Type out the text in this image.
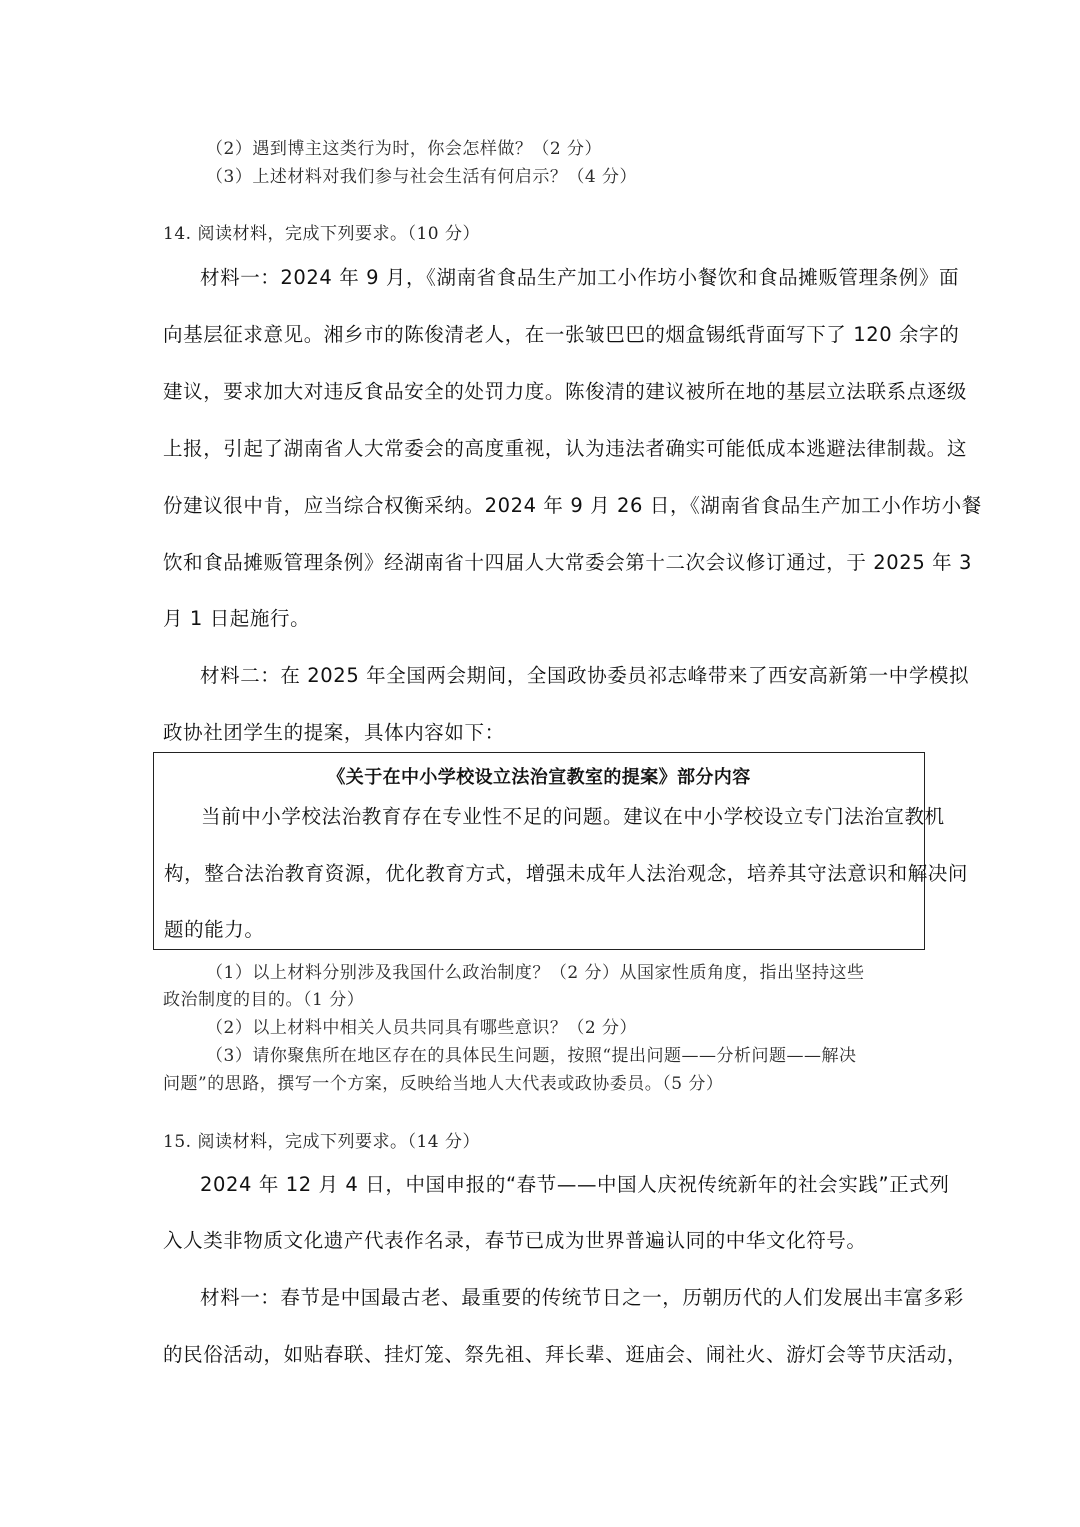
（2）遇到博主这类行为时，你会怎样做？（2 分）

（3）上述材料对我们参与社会生活有何启示？（4 分）

14. 阅读材料，完成下列要求。（10 分）

材料一：2024 年 9 月，《湖南省食品生产加工小作坊小餐饮和食品摊贩管理条例》面

向基层征求意见。湘乡市的陈俊清老人，在一张皱巴巴的烟盒锡纸背面写下了 120 余字的

建议，要求加大对违反食品安全的处罚力度。陈俊清的建议被所在地的基层立法联系点逐级

上报，引起了湖南省人大常委会的高度重视，认为违法者确实可能低成本逃避法律制裁。这

份建议很中肯，应当综合权衡采纳。2024 年 9 月 26 日，《湖南省食品生产加工小作坊小餐

饮和食品摊贩管理条例》经湖南省十四届人大常委会第十二次会议修订通过，于 2025 年 3

月 1 日起施行。

材料二：在 2025 年全国两会期间，全国政协委员祁志峰带来了西安高新第一中学模拟

政协社团学生的提案，具体内容如下：

《关于在中小学校设立法治宣教室的提案》部分内容

当前中小学校法治教育存在专业性不足的问题。建议在中小学校设立专门法治宣教机

构，整合法治教育资源，优化教育方式，增强未成年人法治观念，培养其守法意识和解决问

题的能力。

（1）以上材料分别涉及我国什么政治制度？（2 分）从国家性质角度，指出坚持这些

政治制度的目的。（1 分）

（2）以上材料中相关人员共同具有哪些意识？（2 分）

（3）请你聚焦所在地区存在的具体民生问题，按照“提出问题——分析问题——解决

问题”的思路，撰写一个方案，反映给当地人大代表或政协委员。（5 分）

15. 阅读材料，完成下列要求。（14 分）

2024 年 12 月 4 日，中国申报的“春节——中国人庆祝传统新年的社会实践”正式列

入人类非物质文化遗产代表作名录，春节已成为世界普遍认同的中华文化符号。

材料一：春节是中国最古老、最重要的传统节日之一，历朝历代的人们发展出丰富多彩

的民俗活动，如贴春联、挂灯笼、祭先祖、拜长辈、逛庙会、闹社火、游灯会等节庆活动，
